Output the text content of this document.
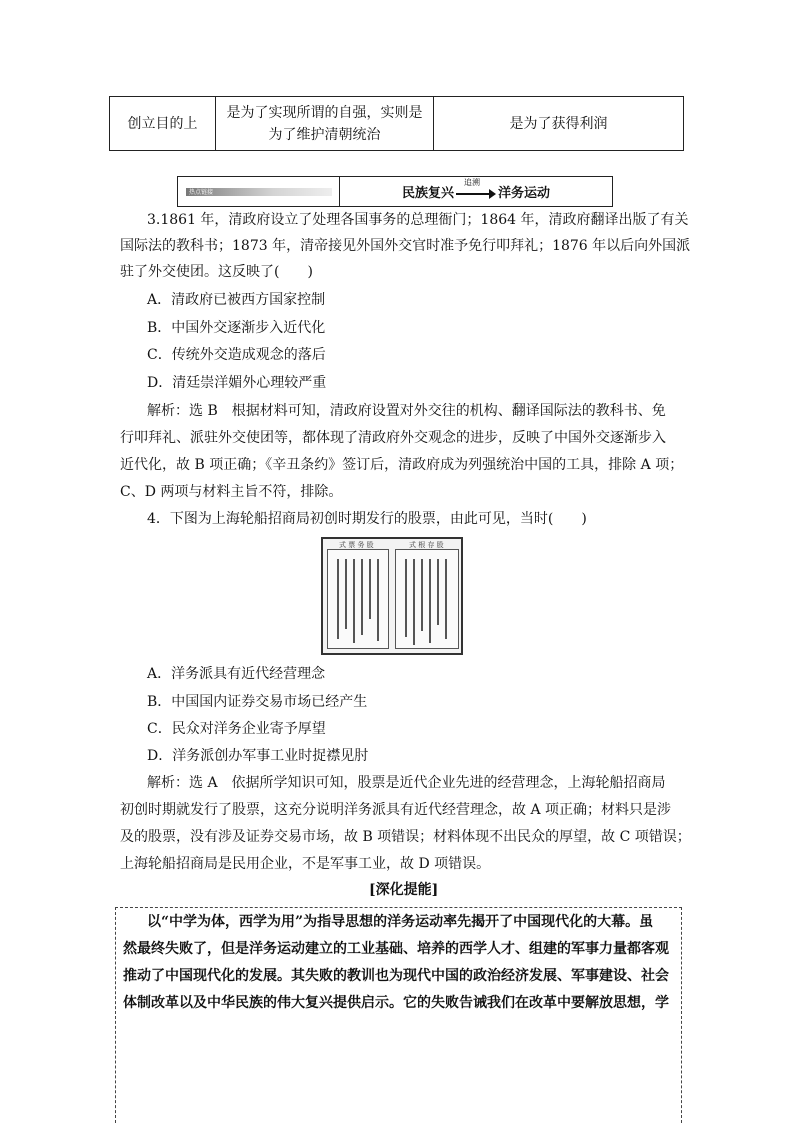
创立目的上
是为了实现所谓的自强，实则是为了维护清朝统治
是为了获得利润
热点链接	民族复兴
追溯
洋务运动
3.1861 年，清政府设立了处理各国事务的总理衙门；1864 年，清政府翻译出版了有关
国际法的教科书；1873 年，清帝接见外国外交官时准予免行叩拜礼；1876 年以后向外国派
驻了外交使团。这反映了(　　)
A．清政府已被西方国家控制
B．中国外交逐渐步入近代化
C．传统外交造成观念的落后
D．清廷崇洋媚外心理较严重
解析：选 B　根据材料可知，清政府设置对外交往的机构、翻译国际法的教科书、免
行叩拜礼、派驻外交使团等，都体现了清政府外交观念的进步，反映了中国外交逐渐步入
近代化，故 B 项正确；《辛丑条约》签订后，清政府成为列强统治中国的工具，排除 A 项；
C、D 两项与材料主旨不符，排除。
4．下图为上海轮船招商局初创时期发行的股票，由此可见，当时(　　)
式 票 务 股	式 根 存 股
A．洋务派具有近代经营理念
B．中国国内证券交易市场已经产生
C．民众对洋务企业寄予厚望
D．洋务派创办军事工业时捉襟见肘
解析：选 A　依据所学知识可知，股票是近代企业先进的经营理念，上海轮船招商局
初创时期就发行了股票，这充分说明洋务派具有近代经营理念，故 A 项正确；材料只是涉
及的股票，没有涉及证券交易市场，故 B 项错误；材料体现不出民众的厚望，故 C 项错误；
上海轮船招商局是民用企业，不是军事工业，故 D 项错误。
[深化提能]
以“中学为体，西学为用”为指导思想的洋务运动率先揭开了中国现代化的大幕。虽
然最终失败了，但是洋务运动建立的工业基础、培养的西学人才、组建的军事力量都客观
推动了中国现代化的发展。其失败的教训也为现代中国的政治经济发展、军事建设、社会
体制改革以及中华民族的伟大复兴提供启示。它的失败告诫我们在改革中要解放思想，学
